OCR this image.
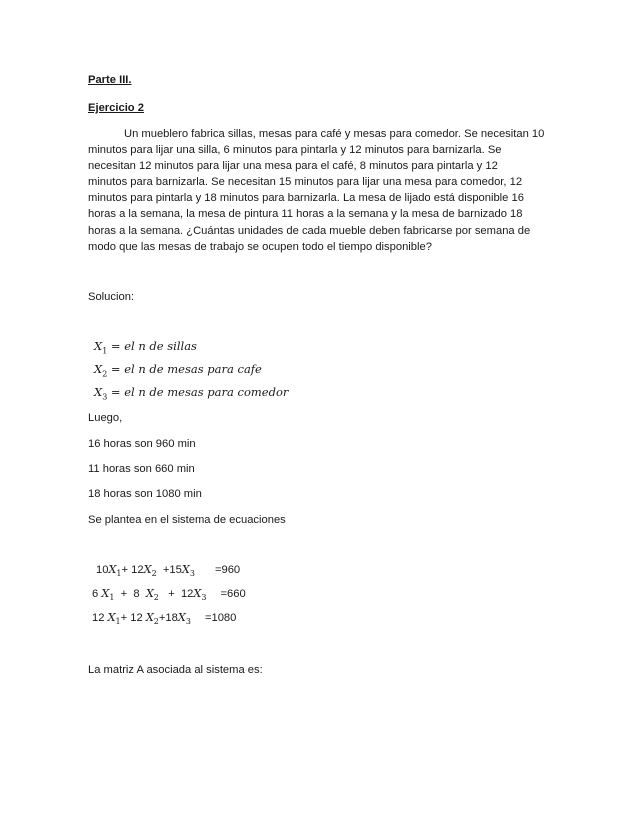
Parte III.
Ejercicio 2
Un mueblero fabrica sillas, mesas para café y mesas para comedor. Se necesitan 10
minutos para lijar una silla, 6 minutos para pintarla y 12 minutos para barnizarla. Se
necesitan 12 minutos para lijar una mesa para el café, 8 minutos para pintarla y 12
minutos para barnizarla. Se necesitan 15 minutos para lijar una mesa para comedor, 12
minutos para pintarla y 18 minutos para barnizarla. La mesa de lijado está disponible 16
horas a la semana, la mesa de pintura 11 horas a la semana y la mesa de barnizado 18
horas a la semana. ¿Cuántas unidades de cada mueble deben fabricarse por semana de
modo que las mesas de trabajo se ocupen todo el tiempo disponible?
Solucion:
$X_1$ = el n de sillas
$X_2$ = el n de mesas para cafe
$X_3$ = el n de mesas para comedor
Luego,
16 horas son 960 min
11 horas son 660 min
18 horas son 1080 min
Se plantea en el sistema de ecuaciones
$10X_1+ 12X_2 +15X_3 =960$
6 $X_1 + 8$  $X_2 + 12X_3 =660$
12 $X_1+ 12$ $X_2+18X_3 =1080$
La matriz A asociada al sistema es:
